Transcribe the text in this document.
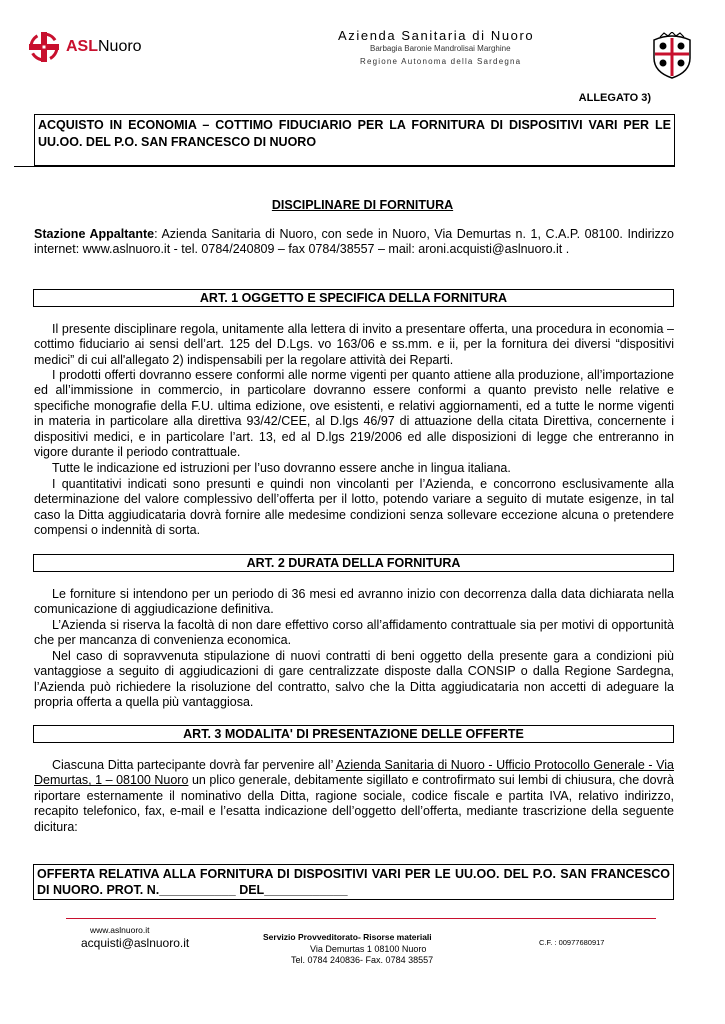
ASLNuoro
Azienda Sanitaria di Nuoro
Barbagia Baronie Mandrolisai Marghine
Regione Autonoma della Sardegna
ALLEGATO 3)
ACQUISTO IN ECONOMIA – COTTIMO FIDUCIARIO PER LA FORNITURA DI DISPOSITIVI VARI PER LE UU.OO. DEL P.O. SAN FRANCESCO DI NUORO
DISCIPLINARE DI FORNITURA

Stazione Appaltante: Azienda Sanitaria di Nuoro, con sede in Nuoro, Via Demurtas n. 1, C.A.P. 08100. Indirizzo internet: www.aslnuoro.it - tel. 0784/240809 – fax 0784/38557 – mail: aroni.acquisti@aslnuoro.it .

ART. 1 OGGETTO E SPECIFICA DELLA FORNITURA

Il presente disciplinare regola, unitamente alla lettera di invito a presentare offerta, una procedura in economia – cottimo fiduciario ai sensi dell’art. 125 del D.Lgs. vo 163/06 e ss.mm. e ii, per la fornitura dei diversi “dispositivi medici” di cui all'allegato 2) indispensabili per la regolare attività dei Reparti.

I prodotti offerti dovranno essere conformi alle norme vigenti per quanto attiene alla produzione, all’importazione ed all’immissione in commercio, in particolare dovranno essere conformi a quanto previsto nelle relative e specifiche monografie della F.U. ultima edizione, ove esistenti, e relativi aggiornamenti, ed a tutte le norme vigenti in materia in particolare alla direttiva 93/42/CEE, al D.lgs 46/97 di attuazione della citata Direttiva, concernente i dispositivi medici, e in particolare l’art. 13, ed al D.lgs 219/2006 ed alle disposizioni di legge che entreranno in vigore durante il periodo contrattuale.

Tutte le indicazione ed istruzioni per l’uso dovranno essere anche in lingua italiana.

I quantitativi indicati sono presunti e quindi non vincolanti per l’Azienda, e concorrono esclusivamente alla determinazione del valore complessivo dell’offerta per il lotto, potendo variare a seguito di mutate esigenze, in tal caso la Ditta aggiudicataria dovrà fornire alle medesime condizioni senza sollevare eccezione alcuna o pretendere compensi o indennità di sorta.

ART. 2 DURATA DELLA FORNITURA

Le forniture si intendono per un periodo di 36 mesi ed avranno inizio con decorrenza dalla data dichiarata nella comunicazione di aggiudicazione definitiva.

L’Azienda si riserva la facoltà di non dare effettivo corso all’affidamento contrattuale sia per motivi di opportunità che per mancanza di convenienza economica.

Nel caso di sopravvenuta stipulazione di nuovi contratti di beni oggetto della presente gara a condizioni più vantaggiose a seguito di aggiudicazioni di gare centralizzate disposte dalla CONSIP o dalla Regione Sardegna, l’Azienda può richiedere la risoluzione del contratto, salvo che la Ditta aggiudicataria non accetti di adeguare la propria offerta a quella più vantaggiosa.

ART. 3 MODALITA' DI PRESENTAZIONE DELLE OFFERTE

Ciascuna Ditta partecipante dovrà far pervenire all’ Azienda Sanitaria di Nuoro - Ufficio Protocollo Generale - Via Demurtas, 1 – 08100 Nuoro un plico generale, debitamente sigillato e controfirmato sui lembi di chiusura, che dovrà riportare esternamente il nominativo della Ditta, ragione sociale, codice fiscale e partita IVA, relativo indirizzo, recapito telefonico, fax, e-mail e l’esatta indicazione dell’oggetto dell’offerta, mediante trascrizione della seguente dicitura:

OFFERTA RELATIVA ALLA FORNITURA DI DISPOSITIVI VARI PER LE UU.OO. DEL P.O. SAN FRANCESCO DI NUORO. PROT. N.___________ DEL____________
www.aslnuoro.it
acquisti@aslnuoro.it	Servizio Provveditorato- Risorse materiali
Via Demurtas 1 08100 Nuoro
Tel. 0784 240836- Fax. 0784 38557
C.F. : 00977680917
